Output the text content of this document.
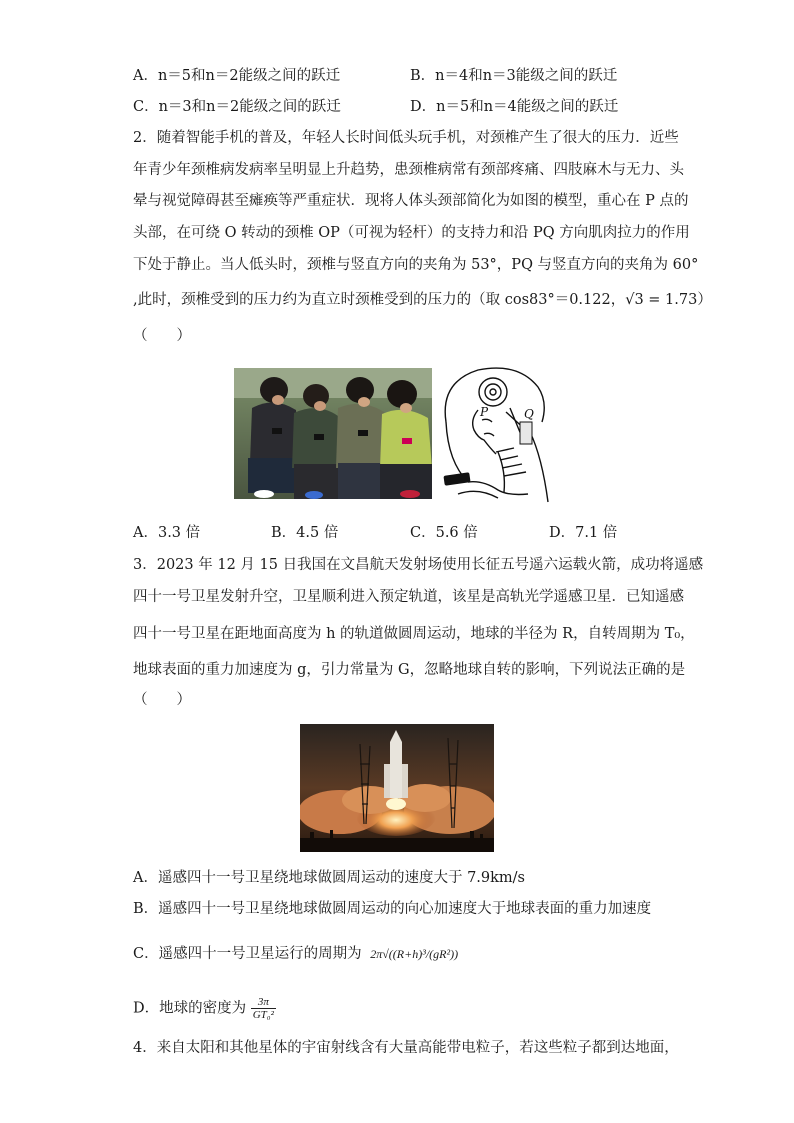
A．n＝5和n＝2能级之间的跃迁	B．n＝4和n＝3能级之间的跃迁
C．n＝3和n＝2能级之间的跃迁	D．n＝5和n＝4能级之间的跃迁
2．随着智能手机的普及，年轻人长时间低头玩手机，对颈椎产生了很大的压力．近些
年青少年颈椎病发病率呈明显上升趋势，患颈椎病常有颈部疼痛、四肢麻木与无力、头
晕与视觉障碍甚至瘫痪等严重症状．现将人体头颈部简化为如图的模型，重心在 P 点的
头部，在可绕 O 转动的颈椎 OP（可视为轻杆）的支持力和沿 PQ 方向肌肉拉力的作用
下处于静止。当人低头时，颈椎与竖直方向的夹角为 53°，PQ 与竖直方向的夹角为 60°
,此时，颈椎受到的压力约为直立时颈椎受到的压力的（取 cos83°＝0.122，√3 = 1.73）
（　　）
P	Q
A．3.3 倍	B．4.5 倍	C．5.6 倍	D．7.1 倍
3．2023 年 12 月 15 日我国在文昌航天发射场使用长征五号遥六运载火箭，成功将遥感
四十一号卫星发射升空，卫星顺利进入预定轨道，该星是高轨光学遥感卫星．已知遥感
四十一号卫星在距地面高度为 h 的轨道做圆周运动，地球的半径为 R，自转周期为 T₀，
地球表面的重力加速度为 g，引力常量为 G，忽略地球自转的影响，下列说法正确的是
（　　）
A．遥感四十一号卫星绕地球做圆周运动的速度大于 7.9km/s
B．遥感四十一号卫星绕地球做圆周运动的向心加速度大于地球表面的重力加速度
C．遥感四十一号卫星运行的周期为 2π√((R+h)³/(gR²))
D．地球的密度为 $\frac{3\pi}{\text{GT₀²}}$
4．来自太阳和其他星体的宇宙射线含有大量高能带电粒子，若这些粒子都到达地面，
